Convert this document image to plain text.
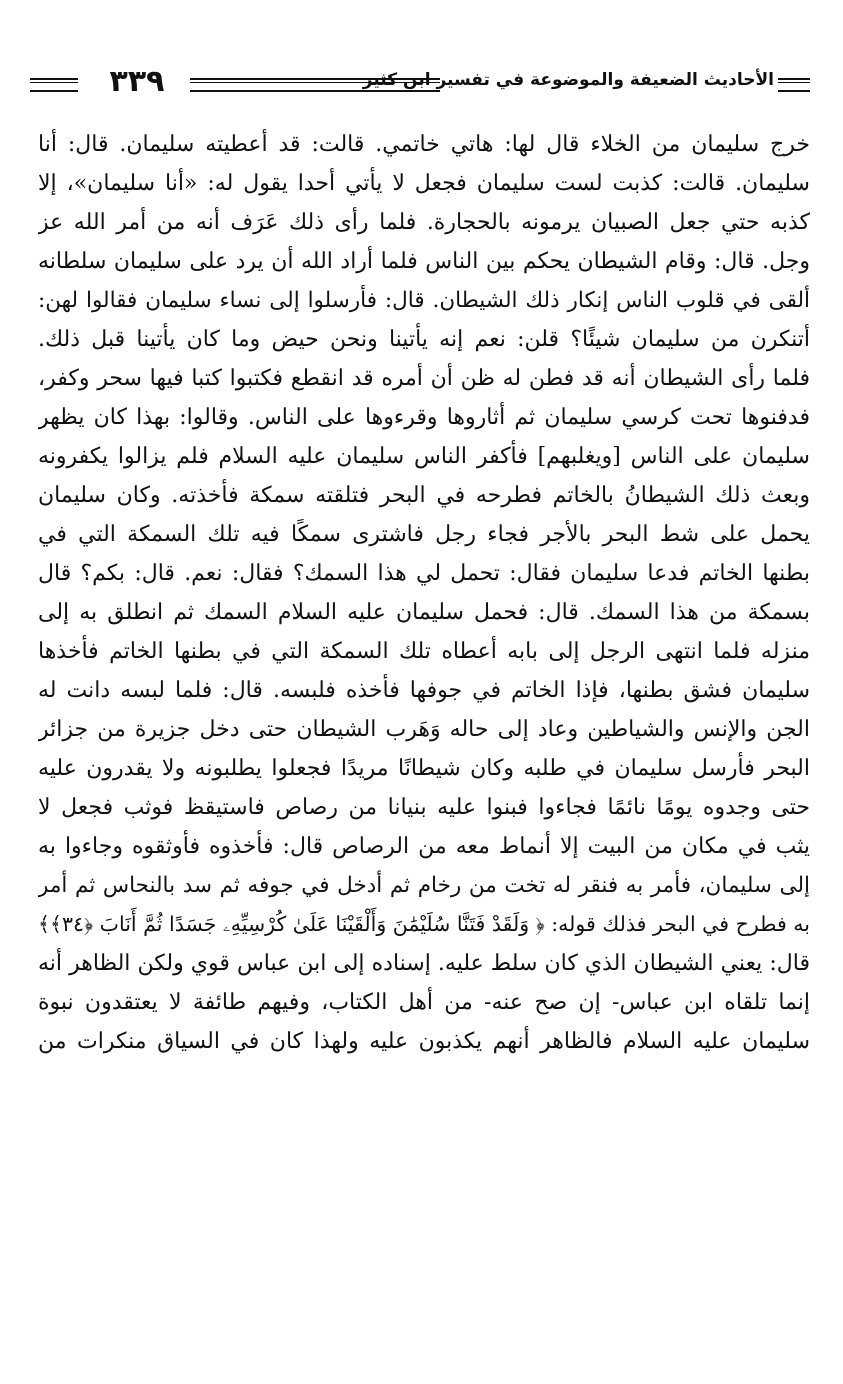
٣٣٩	الأحاديث الضعيفة والموضوعة في تفسير ابن كثير
خرج سليمان من الخلاء قال لها: هاتي خاتمي. قالت: قد أعطيته سليمان. قال: أنا
سليمان. قالت: كذبت لست سليمان فجعل لا يأتي أحدا يقول له: «أنا سليمان»، إلا
كذبه حتي جعل الصبيان يرمونه بالحجارة. فلما رأى ذلك عَرَف أنه من أمر الله عز
وجل. قال: وقام الشيطان يحكم بين الناس فلما أراد الله أن يرد على سليمان سلطانه
ألقى في قلوب الناس إنكار ذلك الشيطان. قال: فأرسلوا إلى نساء سليمان فقالوا لهن:
أتنكرن من سليمان شيئًا؟ قلن: نعم إنه يأتينا ونحن حيض وما كان يأتينا قبل ذلك.
فلما رأى الشيطان أنه قد فطن له ظن أن أمره قد انقطع فكتبوا كتبا فيها سحر وكفر،
فدفنوها تحت كرسي سليمان ثم أثاروها وقرءوها على الناس. وقالوا: بهذا كان يظهر
سليمان على الناس [ويغلبهم] فأكفر الناس سليمان عليه السلام فلم يزالوا يكفرونه
وبعث ذلك الشيطانُ بالخاتم فطرحه في البحر فتلقته سمكة فأخذته. وكان سليمان
يحمل على شط البحر بالأجر فجاء رجل فاشترى سمكًا فيه تلك السمكة التي في
بطنها الخاتم فدعا سليمان فقال: تحمل لي هذا السمك؟ فقال: نعم. قال: بكم؟ قال
بسمكة من هذا السمك. قال: فحمل سليمان عليه السلام السمك ثم انطلق به إلى
منزله فلما انتهى الرجل إلى بابه أعطاه تلك السمكة التي في بطنها الخاتم فأخذها
سليمان فشق بطنها، فإذا الخاتم في جوفها فأخذه فلبسه. قال: فلما لبسه دانت له
الجن والإنس والشياطين وعاد إلى حاله وَهَرب الشيطان حتى دخل جزيرة من جزائر
البحر فأرسل سليمان في طلبه وكان شيطانًا مريدًا فجعلوا يطلبونه ولا يقدرون عليه
حتى وجدوه يومًا نائمًا فجاءوا فبنوا عليه بنيانا من رصاص فاستيقظ فوثب فجعل لا
يثب في مكان من البيت إلا أنماط معه من الرصاص قال: فأخذوه فأوثقوه وجاءوا به
إلى سليمان، فأمر به فنقر له تخت من رخام ثم أدخل في جوفه ثم سد بالنحاس ثم أمر
به فطرح في البحر فذلك قوله: ﴿ وَلَقَدْ فَتَنَّا سُلَيْمَٰنَ وَأَلْقَيْنَا عَلَىٰ كُرْسِيِّهِۦ جَسَدًا ثُمَّ أَنَابَ ﴿٣٤﴾﴾
قال: يعني الشيطان الذي كان سلط عليه. إسناده إلى ابن عباس قوي ولكن الظاهر أنه
إنما تلقاه ابن عباس- إن صح عنه- من أهل الكتاب، وفيهم طائفة لا يعتقدون نبوة
سليمان عليه السلام فالظاهر أنهم يكذبون عليه ولهذا كان في السياق منكرات من
